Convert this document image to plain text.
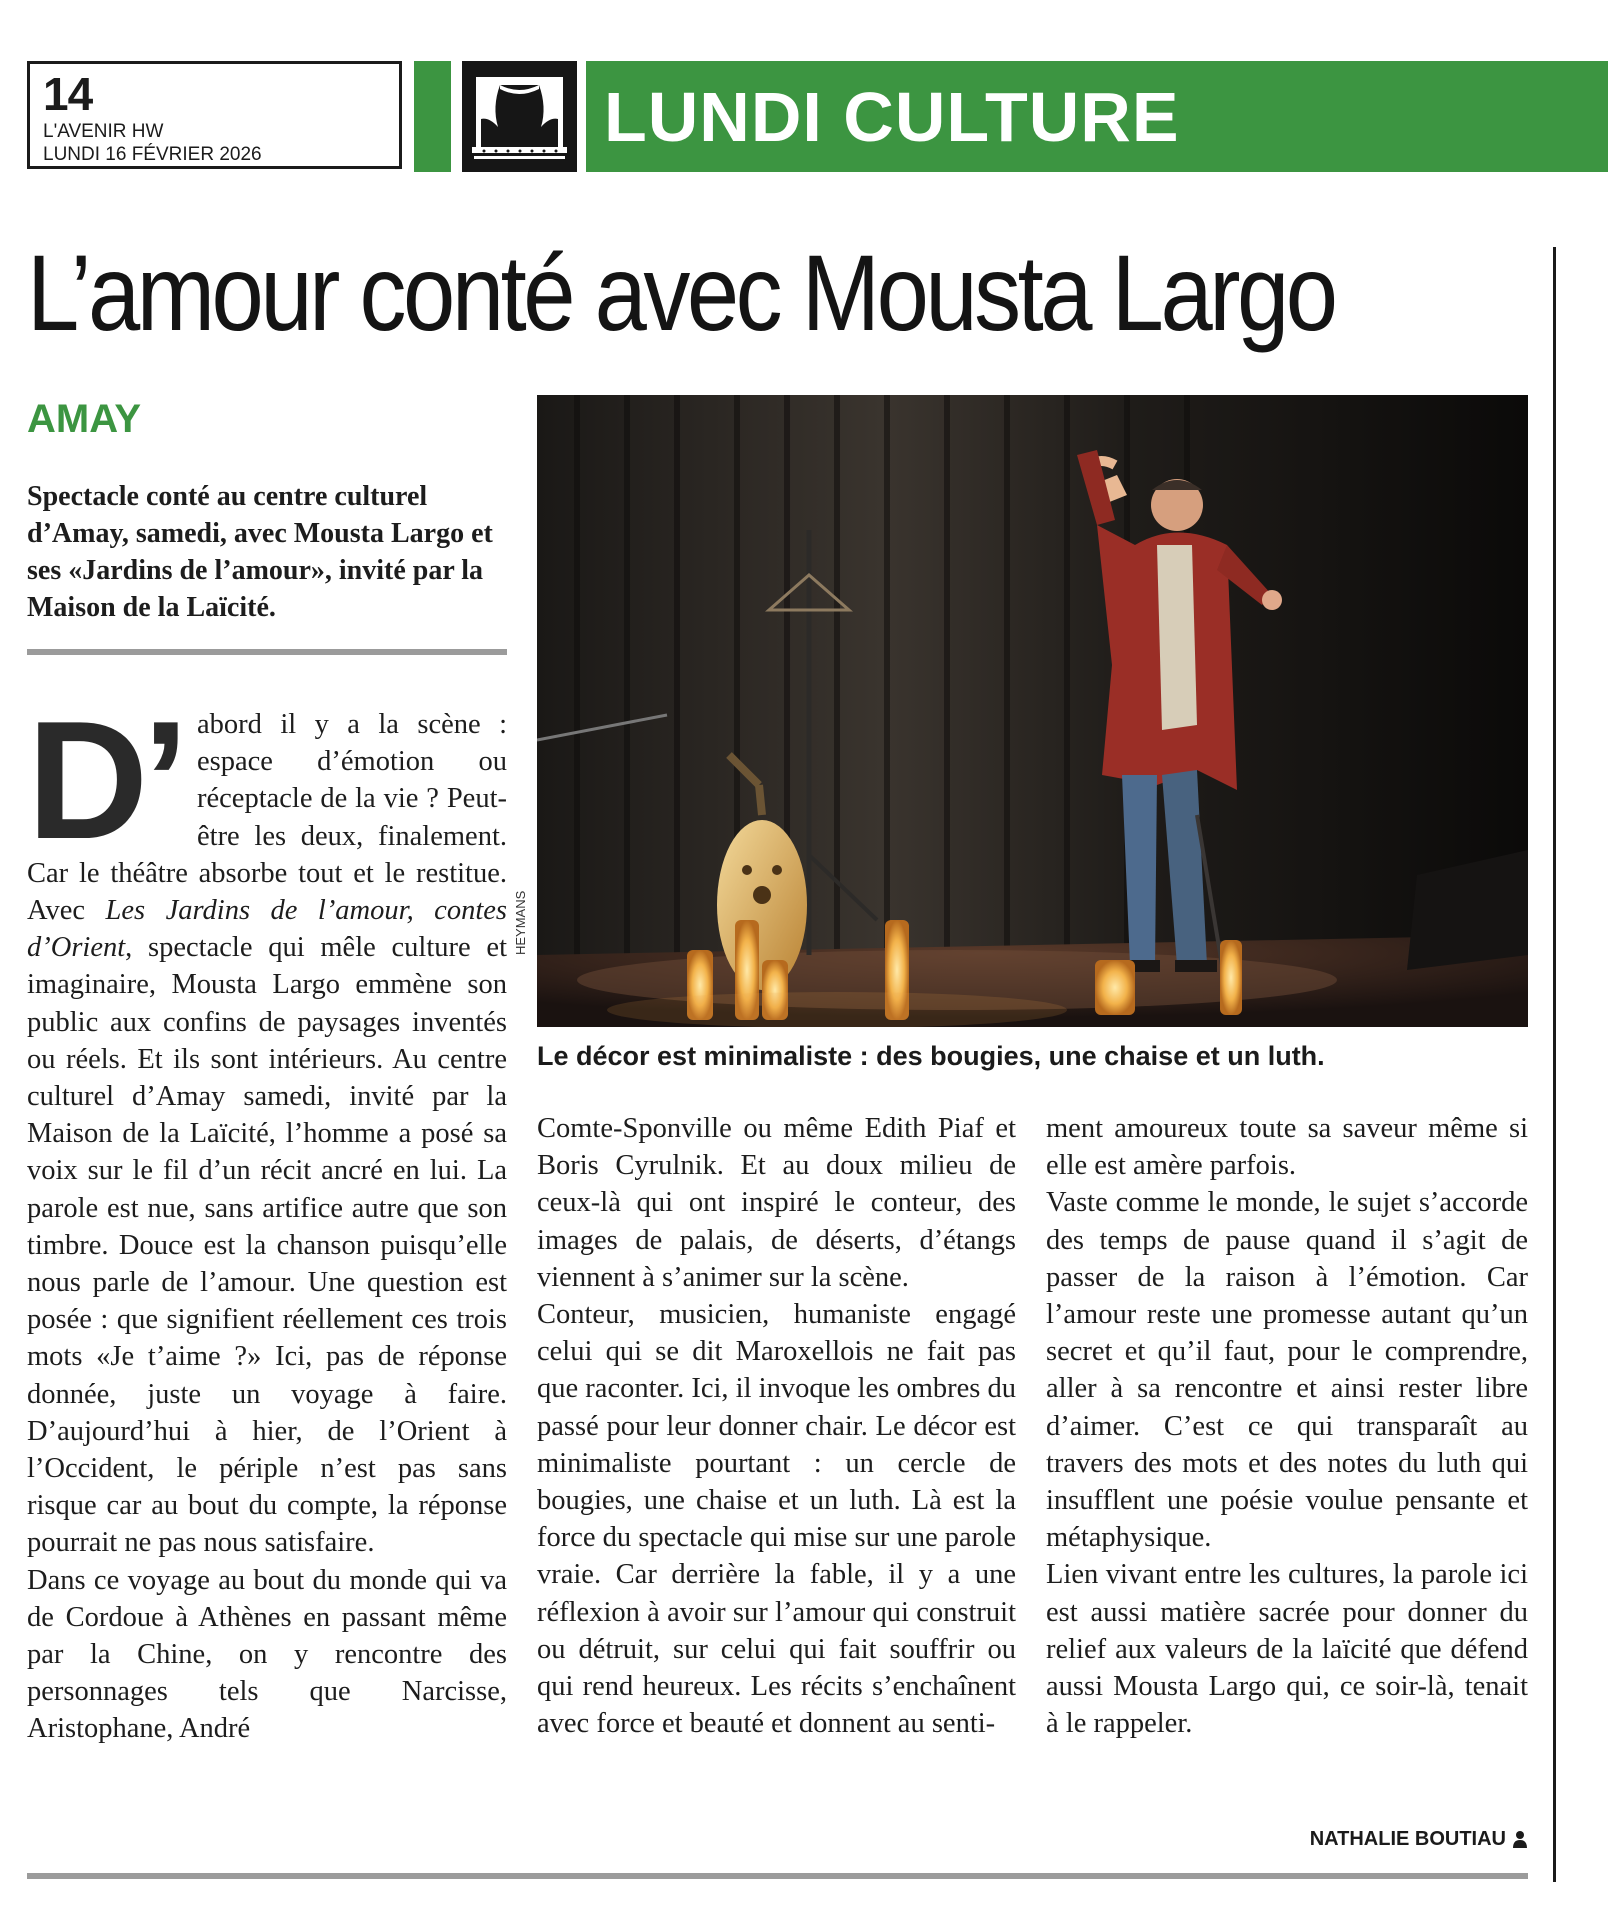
14
L'AVENIR HW
LUNDI 16 FÉVRIER 2026	LUNDI CULTURE
L’amour conté avec Mousta Largo
AMAY
Spectacle conté au centre culturel d’Amay, samedi, avec Mousta Largo et ses «Jardins de l’amour», invité par la Maison de la Laïcité.
HEYMANS
Le décor est minimaliste : des bougies, une chaise et un luth.

D’ abord il y a la scène : espace d’émotion ou réceptacle de la vie ? Peut-être les deux, finalement. Car le théâtre absorbe tout et le restitue. Avec Les Jardins de l’amour, contes d’Orient, spectacle qui mêle culture et imaginaire, Mousta Largo emmène son public aux confins de paysages inventés ou réels. Et ils sont intérieurs. Au centre culturel d’Amay samedi, invité par la Maison de la Laïcité, l’homme a posé sa voix sur le fil d’un récit ancré en lui. La parole est nue, sans artifice autre que son timbre. Douce est la chanson puisqu’elle nous parle de l’amour. Une question est posée : que signifient réellement ces trois mots «Je t’aime ?» Ici, pas de réponse donnée, juste un voyage à faire. D’aujourd’hui à hier, de l’Orient à l’Occident, le périple n’est pas sans risque car au bout du compte, la réponse pourrait ne pas nous satisfaire.

Dans ce voyage au bout du monde qui va de Cordoue à Athènes en passant même par la Chine, on y rencontre des personnages tels que Narcisse, Aristophane, André

Comte-Sponville ou même Edith Piaf et Boris Cyrulnik. Et au doux milieu de ceux-là qui ont inspiré le conteur, des images de palais, de déserts, d’étangs viennent à s’animer sur la scène.

Conteur, musicien, humaniste engagé celui qui se dit Maroxellois ne fait pas que raconter. Ici, il invoque les ombres du passé pour leur donner chair. Le décor est minimaliste pourtant : un cercle de bougies, une chaise et un luth. Là est la force du spectacle qui mise sur une parole vraie. Car derrière la fable, il y a une réflexion à avoir sur l’amour qui construit ou détruit, sur celui qui fait souffrir ou qui rend heureux. Les récits s’enchaînent avec force et beauté et donnent au senti-

ment amoureux toute sa saveur même si elle est amère parfois.

Vaste comme le monde, le sujet s’accorde des temps de pause quand il s’agit de passer de la raison à l’émotion. Car l’amour reste une promesse autant qu’un secret et qu’il faut, pour le comprendre, aller à sa rencontre et ainsi rester libre d’aimer. C’est ce qui transparaît au travers des mots et des notes du luth qui insufflent une poésie voulue pensante et métaphysique.

Lien vivant entre les cultures, la parole ici est aussi matière sacrée pour donner du relief aux valeurs de la laïcité que défend aussi Mousta Largo qui, ce soir-là, tenait à le rappeler.

NATHALIE BOUTIAU
